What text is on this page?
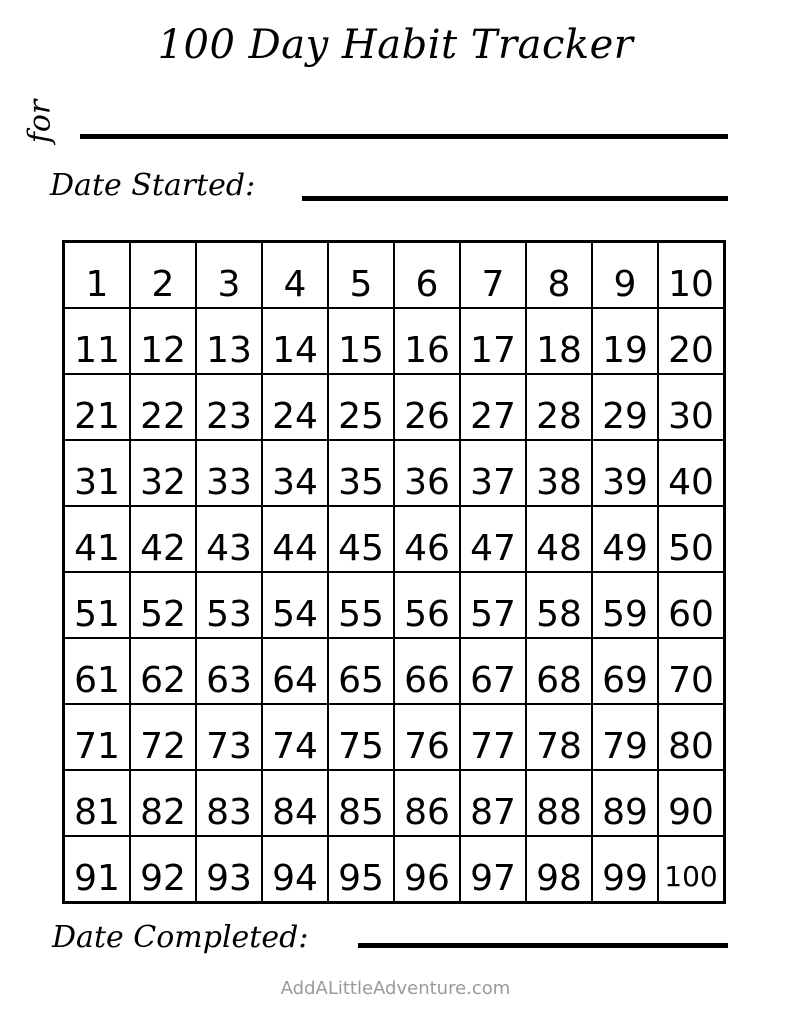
100 Day Habit Tracker
for
Date Started:
1	2	3	4	5	6	7	8	9 10
11 12 13 14 15 16 17 18 19 20
21 22 23 24 25 26 27 28 29 30
31 32 33 34 35 36 37 38 39 40
41 42 43 44 45 46 47 48 49 50
51 52 53 54 55 56 57 58 59 60
61 62 63 64 65 66 67 68 69 70
71 72 73 74 75 76 77 78 79 80
81 82 83 84 85 86 87 88 89 90
91 92 93 94 95 96 97 98 99 100
Date Completed:
AddALittleAdventure.com
